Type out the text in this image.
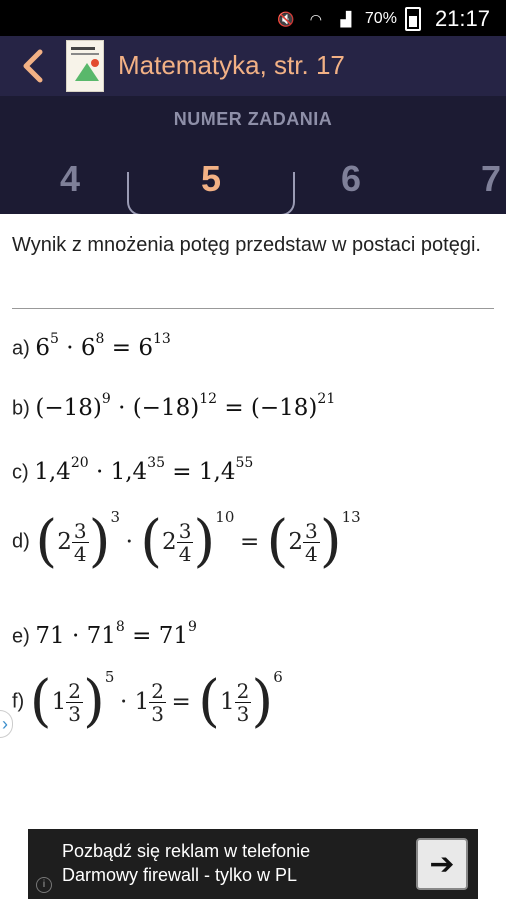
🔇	◠	▟ 70% 21:17
Matematyka, str. 17
NUMER ZADANIA
4	5	6	7
Wynik z mnożenia potęg przedstaw w postaci potęgi.
a) $6^5 \cdot 6^8 = 6^{13}$
b) $(-18)^9 \cdot (-18)^{12} = (-18)^{21}$
c) $1,4^{20} \cdot 1,4^{35} = 1,4^{55}$
›
d) $(2 \frac{3}{4} )^3 \cdot (2 \frac{3}{4} )^{10} = (2 \frac{3}{4} )^{13}$
e) $71 \cdot 71^8 = 71^9$
f) $(1 \frac{2}{3} )^5 \cdot 1 \frac{2}{3} = (1 \frac{2}{3} )^6$
Pozbądź się reklam w telefonie
Darmowy firewall - tylko w PL
i
➔
